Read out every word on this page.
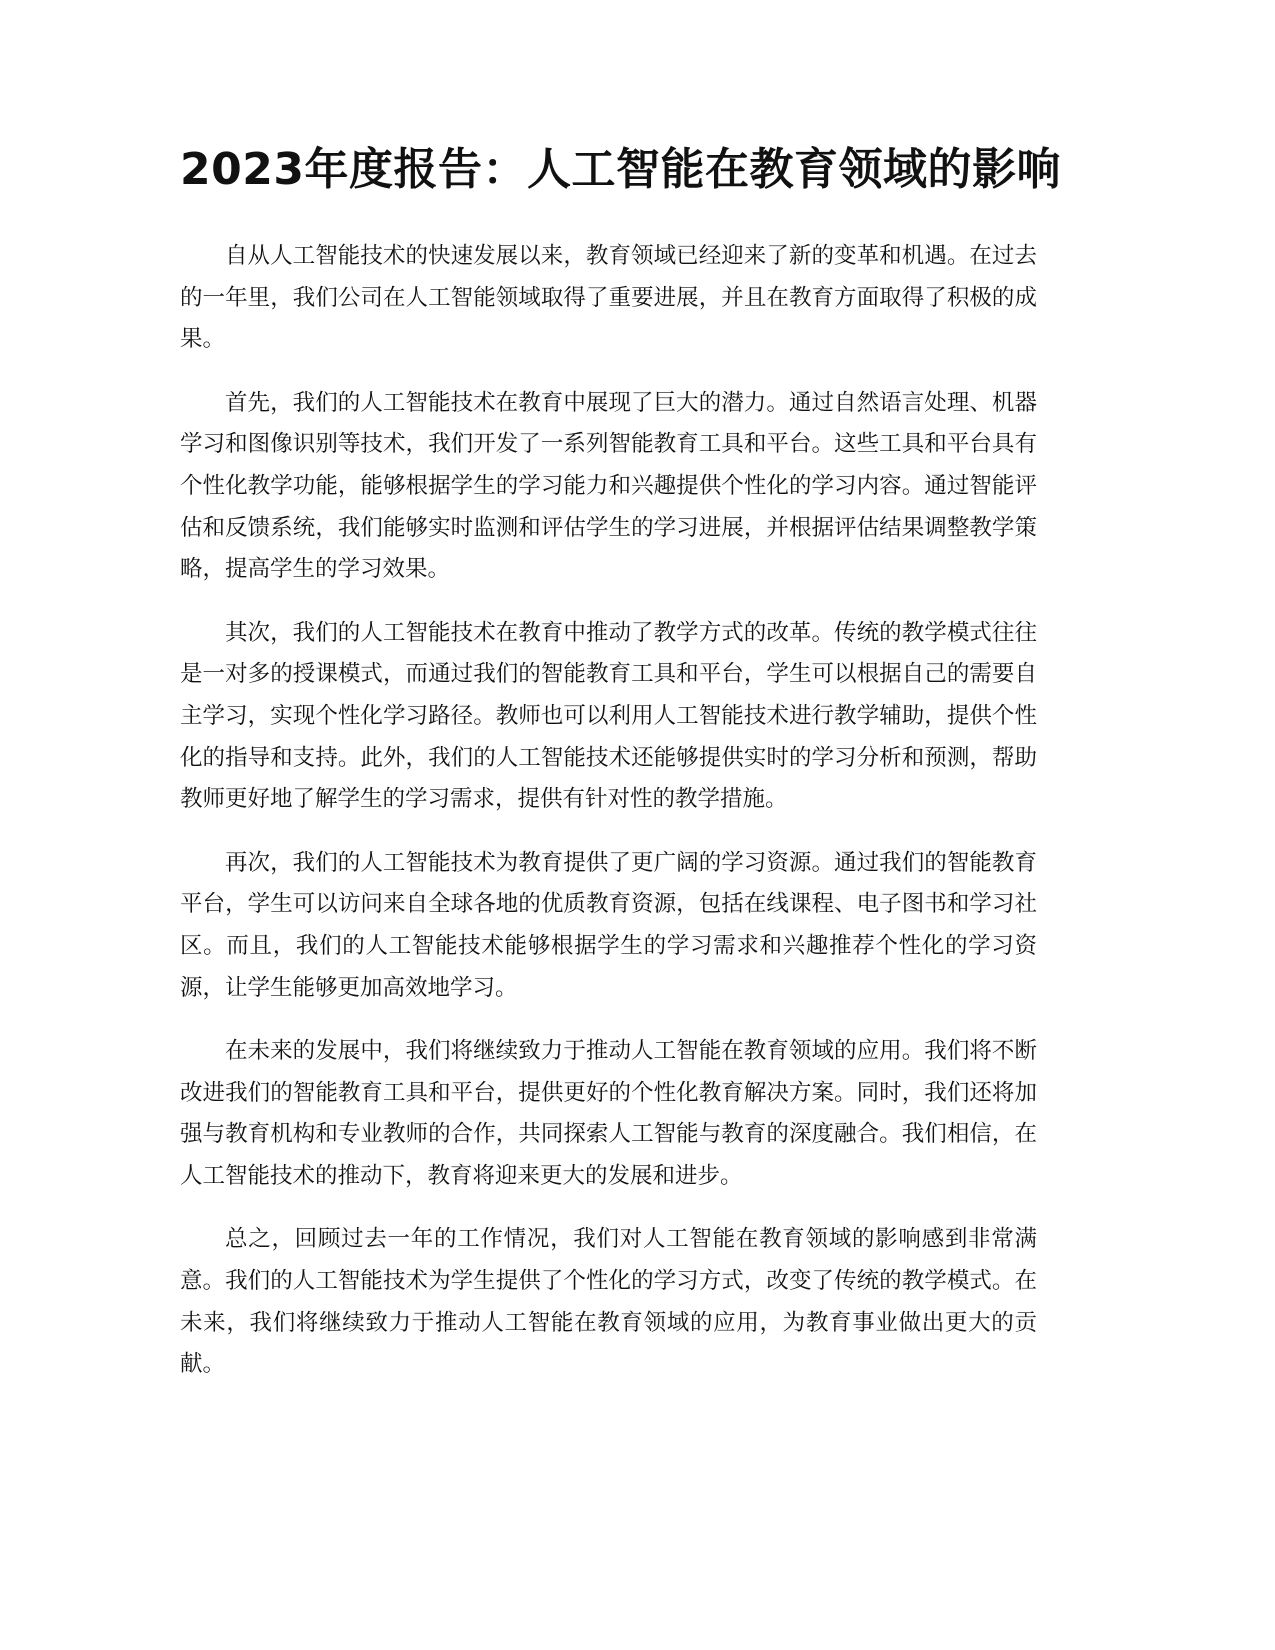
2023年度报告：人工智能在教育领域的影响

自从人工智能技术的快速发展以来，教育领域已经迎来了新的变革和机遇。在过去的一年里，我们公司在人工智能领域取得了重要进展，并且在教育方面取得了积极的成果。

首先，我们的人工智能技术在教育中展现了巨大的潜力。通过自然语言处理、机器学习和图像识别等技术，我们开发了一系列智能教育工具和平台。这些工具和平台具有个性化教学功能，能够根据学生的学习能力和兴趣提供个性化的学习内容。通过智能评估和反馈系统，我们能够实时监测和评估学生的学习进展，并根据评估结果调整教学策略，提高学生的学习效果。

其次，我们的人工智能技术在教育中推动了教学方式的改革。传统的教学模式往往是一对多的授课模式，而通过我们的智能教育工具和平台，学生可以根据自己的需要自主学习，实现个性化学习路径。教师也可以利用人工智能技术进行教学辅助，提供个性化的指导和支持。此外，我们的人工智能技术还能够提供实时的学习分析和预测，帮助教师更好地了解学生的学习需求，提供有针对性的教学措施。

再次，我们的人工智能技术为教育提供了更广阔的学习资源。通过我们的智能教育平台，学生可以访问来自全球各地的优质教育资源，包括在线课程、电子图书和学习社区。而且，我们的人工智能技术能够根据学生的学习需求和兴趣推荐个性化的学习资源，让学生能够更加高效地学习。

在未来的发展中，我们将继续致力于推动人工智能在教育领域的应用。我们将不断改进我们的智能教育工具和平台，提供更好的个性化教育解决方案。同时，我们还将加强与教育机构和专业教师的合作，共同探索人工智能与教育的深度融合。我们相信，在人工智能技术的推动下，教育将迎来更大的发展和进步。

总之，回顾过去一年的工作情况，我们对人工智能在教育领域的影响感到非常满意。我们的人工智能技术为学生提供了个性化的学习方式，改变了传统的教学模式。在未来，我们将继续致力于推动人工智能在教育领域的应用，为教育事业做出更大的贡献。
